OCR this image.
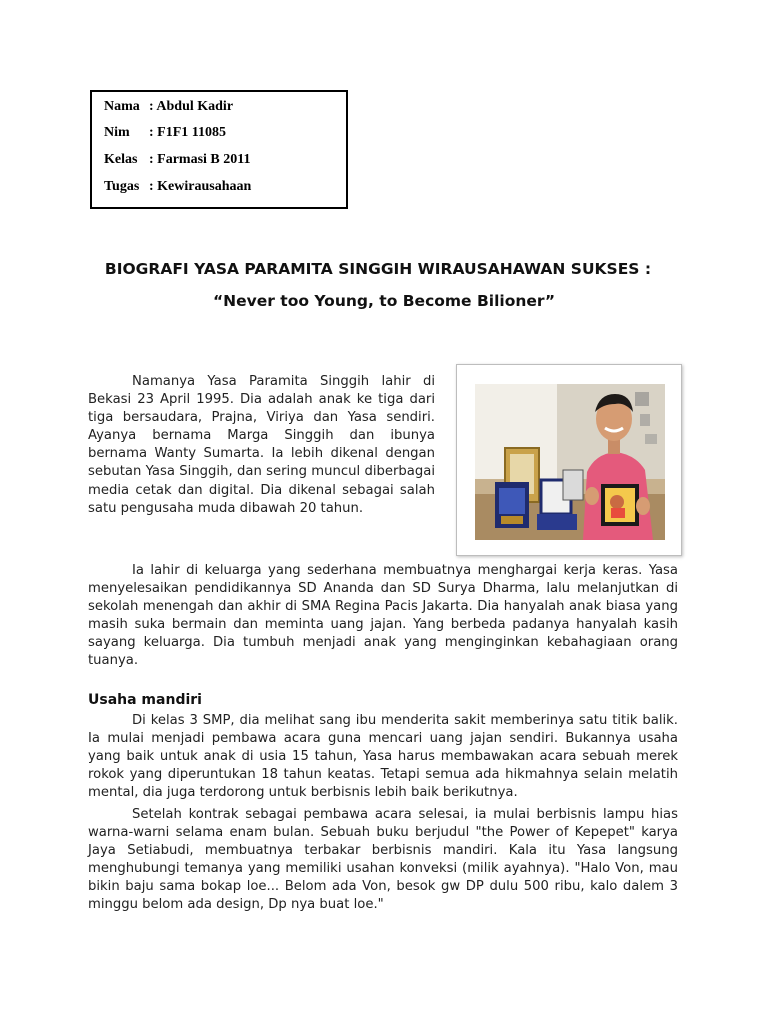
Nama : Abdul Kadir
Nim : F1F1 11085
Kelas : Farmasi B 2011
Tugas : Kewirausahaan
BIOGRAFI YASA PARAMITA SINGGIH WIRAUSAHAWAN SUKSES :
“Never too Young, to Become Bilioner”
Namanya Yasa Paramita Singgih lahir di Bekasi 23 April 1995. Dia adalah anak ke tiga dari tiga bersaudara, Prajna, Viriya dan Yasa sendiri. Ayanya bernama Marga Singgih dan ibunya bernama Wanty Sumarta. Ia lebih dikenal dengan sebutan Yasa Singgih, dan sering muncul diberbagai media cetak dan digital. Dia dikenal sebagai salah satu pengusaha muda dibawah 20 tahun.
Ia lahir di keluarga yang sederhana membuatnya menghargai kerja keras. Yasa menyelesaikan pendidikannya SD Ananda dan SD Surya Dharma, lalu melanjutkan di sekolah menengah dan akhir di SMA Regina Pacis Jakarta. Dia hanyalah anak biasa yang masih suka bermain dan meminta uang jajan. Yang berbeda padanya hanyalah kasih sayang keluarga. Dia tumbuh menjadi anak yang menginginkan kebahagiaan orang tuanya.
Usaha mandiri
Di kelas 3 SMP, dia melihat sang ibu menderita sakit memberinya satu titik balik. Ia mulai menjadi pembawa acara guna mencari uang jajan sendiri. Bukannya usaha yang baik untuk anak di usia 15 tahun, Yasa harus membawakan acara sebuah merek rokok yang diperuntukan 18 tahun keatas. Tetapi semua ada hikmahnya selain melatih mental, dia juga terdorong untuk berbisnis lebih baik berikutnya.
Setelah kontrak sebagai pembawa acara selesai, ia mulai berbisnis lampu hias warna-warni selama enam bulan. Sebuah buku berjudul "the Power of Kepepet" karya Jaya Setiabudi, membuatnya terbakar berbisnis mandiri. Kala itu Yasa langsung menghubungi temanya yang memiliki usahan konveksi (milik ayahnya). "Halo Von, mau bikin baju sama bokap loe... Belom ada Von, besok gw DP dulu 500 ribu, kalo dalem 3 minggu belom ada design, Dp nya buat loe."
